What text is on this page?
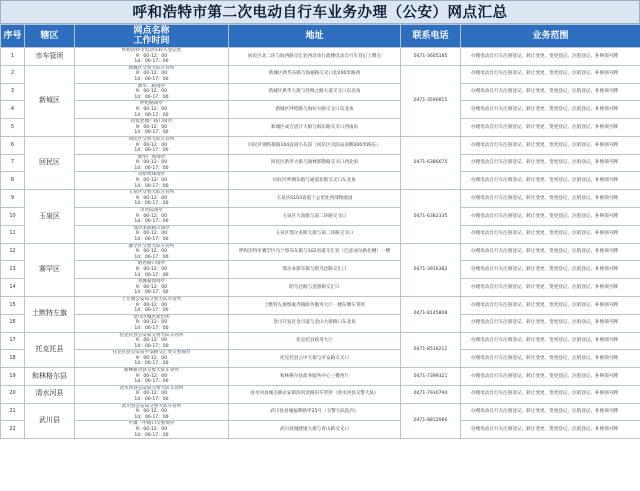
呼和浩特市第二次电动自行车业务办理（公安）网点汇总
序号	辖区	网点名称
工作时间	地址	联系电话	业务范围
1	市车管所	呼和浩特市电动车转入登记处
9：00-12：00
14：00-17：00	回民区北二环与海西路交汇处西北角行政楼电动自行车登记上牌点	0471-3605185	办理电动自行车注册登记、转让变更、变更登记、注销登记、补换领号牌
2	新城区	新城区交警大队车管所
9：00-12：00
14：00-17：00	新城区新华东路与海通路交叉口北200米路西	0471-3596815	办理电动自行车注册登记、转让变更、变更登记、注销登记、补换领号牌
3		新华二路岗亭
9：00-12：00
14：00-17：00	新城区新华大街与丝绸之路大道交叉口东北角		办理电动自行车注册登记、转让变更、变更登记、注销登记、补换领号牌
4		呼伦路岗亭
9：00-12：00
14：00-17：00	新城区呼伦路与海拉尔路交叉口东北角		办理电动自行车注册登记、转让变更、变更登记、注销登记、补换领号牌
5		投促处理厂路口岗亭
9：00-12：00
14：00-17：00	新城区成吉思汗大街与海东路交叉口西南角		办理电动自行车注册登记、转让变更、变更登记、注销登记、补换领号牌
6	回民区	回民区交警大队车管所
9：00-12：00
14：00-17：00	回民区钢铁街路104省道小东段（回民区司法局南侧300米路东）	0471-6386675	办理电动自行车注册登记、转让变更、变更登记、注销登记、补换领号牌
7		新华广场岗亭
9：00-12：00
14：00-17：00	回民区新华大街与锡林郭勒路交叉口西北角		办理电动自行车注册登记、转让变更、变更登记、注销登记、补换领号牌
8		草原明珠岗亭
9：00-12：00
14：00-17：00	回民区呼钢东路与通道北街交叉口东北角		办理电动自行车注册登记、转让变更、变更登记、注销登记、补换领号牌
9	玉泉区	玉泉区交警大队车管所
9：00-12：00
14：00-17：00	玉泉区S103省道十公里处西部物流园	0471-6382335	办理电动自行车注册登记、转让变更、变更登记、注销登记、补换领号牌
10		市医院岗亭
9：00-12：00
14：00-17：00	玉泉区大南街与南二环路交叉口		办理电动自行车注册登记、转让变更、变更登记、注销登记、补换领号牌
11		鄂尔多斯路口岗亭
9：00-12：00
14：00-17：00	玉泉区鄂尔多斯大街与南二环路交叉口		办理电动自行车注册登记、转让变更、变更登记、注销登记、补换领号牌
12	赛罕区	赛罕区交警大队车管所
9：00-12：00
14：00-17：00	呼和浩特市赛罕区乌兰察布东街与102省道交汇处（巴彦淖尔路北侧）一楼	0471-3916382	办理电动自行车注册登记、转让变更、变更登记、注销登记、补换领号牌
13		昭君路口岗亭
9：00-12：00
14：00-17：00	鄂尔多斯东街与昭乌达路交汇口		办理电动自行车注册登记、转让变更、变更登记、注销登记、补换领号牌
14		青城嘉园岗亭
9：00-12：00
14：00-17：00	昭乌达路与金游街交汇口		办理电动自行车注册登记、转让变更、变更登记、注销登记、补换领号牌
15	土默特左旗	土左旗公安局交警大队车管所
9：00-12：00
14：00-17：00	土默特左旗察素齐镇政务服务大厅一楼东侧车管所	0471-8145808	办理电动自行车注册登记、转让变更、变更登记、注销登记、补换领号牌
16		金川区城区派出所
9：00-12：00
14：00-17：00	金川开发区金川道与金山大街路口东北角		办理电动自行车注册登记、转让变更、变更登记、注销登记、补换领号牌
17	托克托县	托克托县公安局交警大队车管所
9：00-12：00
14：00-17：00	托克托县政务大厅	0471-8518212	办理电动自行车注册登记、转让变更、变更登记、注销登记、补换领号牌
18		托克托县公安局平安路交汇处交警岗亭
9：00-12：00
14：00-17：00	托克托县云中大街与平安路交叉口		办理电动自行车注册登记、转让变更、变更登记、注销登记、补换领号牌
19	和林格尔县	和林格尔县交警大队车管所
9：00-12：00
14：00-17：00	和林格尔县政务服务中心三楼西厅	0471-7399321	办理电动自行车注册登记、转让变更、变更登记、注销登记、补换领号牌
20	清水河县	清水河县公安局交警大队车管所
9：00-12：00
14：00-17：00	清水河县城关镇永安街滨河北路旧车管所（清水河县交警大队）	0471-7930794	办理电动自行车注册登记、转让变更、变更登记、注销登记、补换领号牌
21	武川县	武川县公安局交警大队车管所
9：00-12：00
14：00-17：00	武川县县城福利路甲25号（交警大队院内）	0471-8812066	办理电动自行车注册登记、转让变更、变更登记、注销登记、补换领号牌
22		可镇一中路口交警岗亭
9：00-12：00
14：00-17：00	武川县城建康大街与青山路交叉口		办理电动自行车注册登记、转让变更、变更登记、注销登记、补换领号牌
